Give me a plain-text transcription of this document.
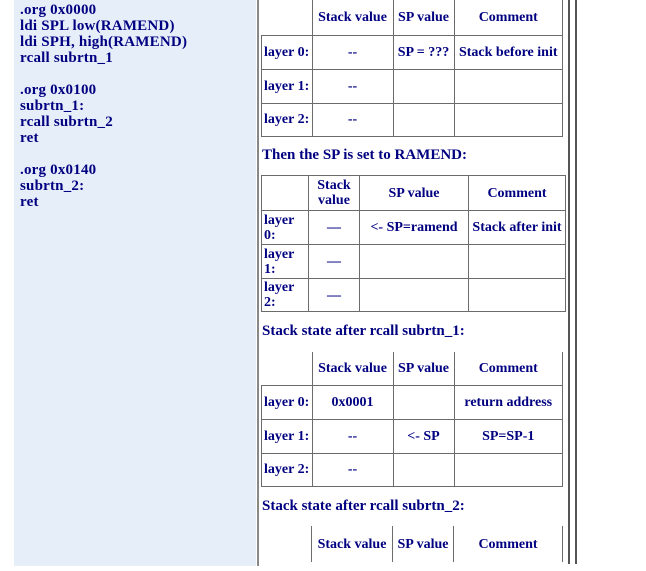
.org 0x0000
ldi SPL low(RAMEND)
ldi SPH, high(RAMEND)
rcall subrtn_1
.org 0x0100
subrtn_1:
rcall subrtn_2
ret
.org 0x0140
subrtn_2:
ret
	Stack value	SP value	Comment
layer 0:	--	SP = ???	Stack before init
layer 1:	--		
layer 2:	--		
Then the SP is set to RAMEND:
	Stack value	SP value	Comment
layer 0:	—	<- SP=ramend	Stack after init
layer 1:	—		
layer 2:	—		
Stack state after rcall subrtn_1:
	Stack value	SP value	Comment
layer 0:	0x0001		return address
layer 1:	--	<- SP	SP=SP-1
layer 2:	--		
Stack state after rcall subrtn_2:
	Stack value	SP value	Comment
